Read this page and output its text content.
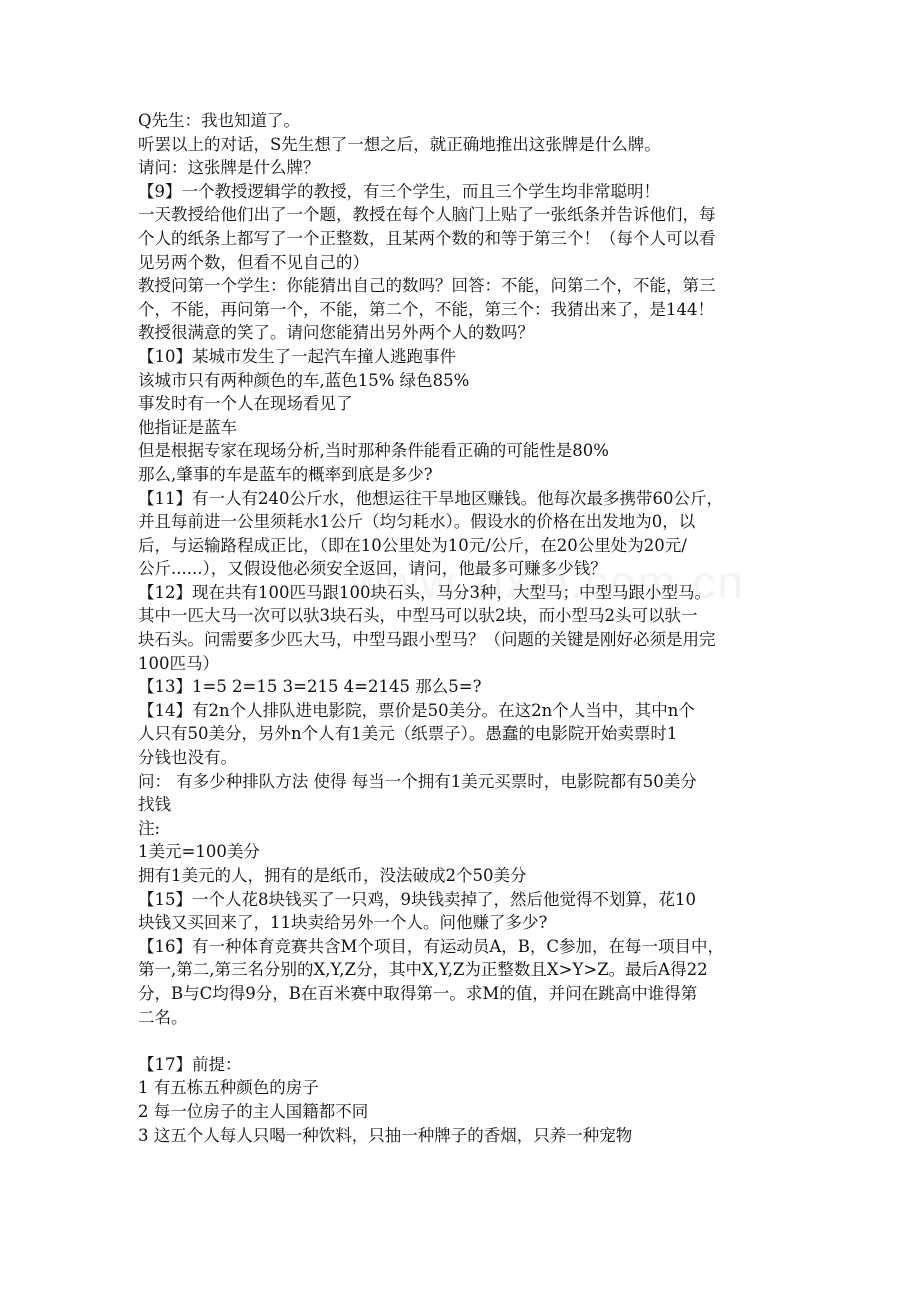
Q先生：我也知道了。
听罢以上的对话，S先生想了一想之后，就正确地推出这张牌是什么牌。
请问：这张牌是什么牌？
【9】一个教授逻辑学的教授，有三个学生，而且三个学生均非常聪明！
一天教授给他们出了一个题，教授在每个人脑门上贴了一张纸条并告诉他们，每
个人的纸条上都写了一个正整数，且某两个数的和等于第三个！（每个人可以看
见另两个数，但看不见自己的）
教授问第一个学生：你能猜出自己的数吗？回答：不能，问第二个，不能，第三
个，不能，再问第一个，不能，第二个，不能，第三个：我猜出来了，是144！
教授很满意的笑了。请问您能猜出另外两个人的数吗？
【10】某城市发生了一起汽车撞人逃跑事件
该城市只有两种颜色的车,蓝色15% 绿色85%
事发时有一个人在现场看见了
他指证是蓝车
但是根据专家在现场分析,当时那种条件能看正确的可能性是80%
那么,肇事的车是蓝车的概率到底是多少?
【11】有一人有240公斤水，他想运往干旱地区赚钱。他每次最多携带60公斤，
并且每前进一公里须耗水1公斤（均匀耗水）。假设水的价格在出发地为0，以
后，与运输路程成正比，（即在10公里处为10元/公斤，在20公里处为20元/
公斤......），又假设他必须安全返回，请问，他最多可赚多少钱？
【12】现在共有100匹马跟100块石头，马分3种，大型马；中型马跟小型马。
其中一匹大马一次可以驮3块石头，中型马可以驮2块，而小型马2头可以驮一
块石头。问需要多少匹大马，中型马跟小型马？（问题的关键是刚好必须是用完
100匹马）
【13】1=5 2=15 3=215 4=2145 那么5=?
【14】有2n个人排队进电影院，票价是50美分。在这2n个人当中，其中n个
人只有50美分，另外n个人有1美元（纸票子）。愚蠢的电影院开始卖票时1
分钱也没有。
问： 有多少种排队方法 使得 每当一个拥有1美元买票时，电影院都有50美分
找钱
注:
1美元=100美分
拥有1美元的人，拥有的是纸币，没法破成2个50美分
【15】一个人花8块钱买了一只鸡，9块钱卖掉了，然后他觉得不划算，花10
块钱又买回来了，11块卖给另外一个人。问他赚了多少?
【16】有一种体育竞赛共含M个项目，有运动员A，B，C参加，在每一项目中，
第一,第二,第三名分别的X,Y,Z分，其中X,Y,Z为正整数且X>Y>Z。最后A得22
分，B与C均得9分，B在百米赛中取得第一。求M的值，并问在跳高中谁得第
二名。
【17】前提：
1 有五栋五种颜色的房子
2 每一位房子的主人国籍都不同
3 这五个人每人只喝一种饮料，只抽一种牌子的香烟，只养一种宠物
